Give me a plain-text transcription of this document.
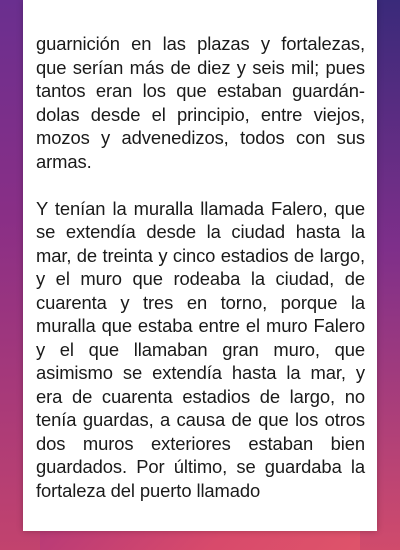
guarnición en las plazas y fortalezas, que serían más de diez y seis mil; pues tantos eran los que estaban guardándolas desde el principio, entre viejos, mozos y advenedizos, todos con sus armas.

Y tenían la muralla llamada Falero, que se extendía desde la ciudad hasta la mar, de treinta y cinco estadios de largo, y el muro que rodeaba la ciudad, de cuarenta y tres en torno, porque la muralla que estaba entre el muro Falero y el que llamaban gran muro, que asimismo se extendía hasta la mar, y era de cuarenta estadios de largo, no tenía guardas, a causa de que los otros dos muros exteriores estaban bien guardados. Por último, se guardaba la fortaleza del puerto llamado
